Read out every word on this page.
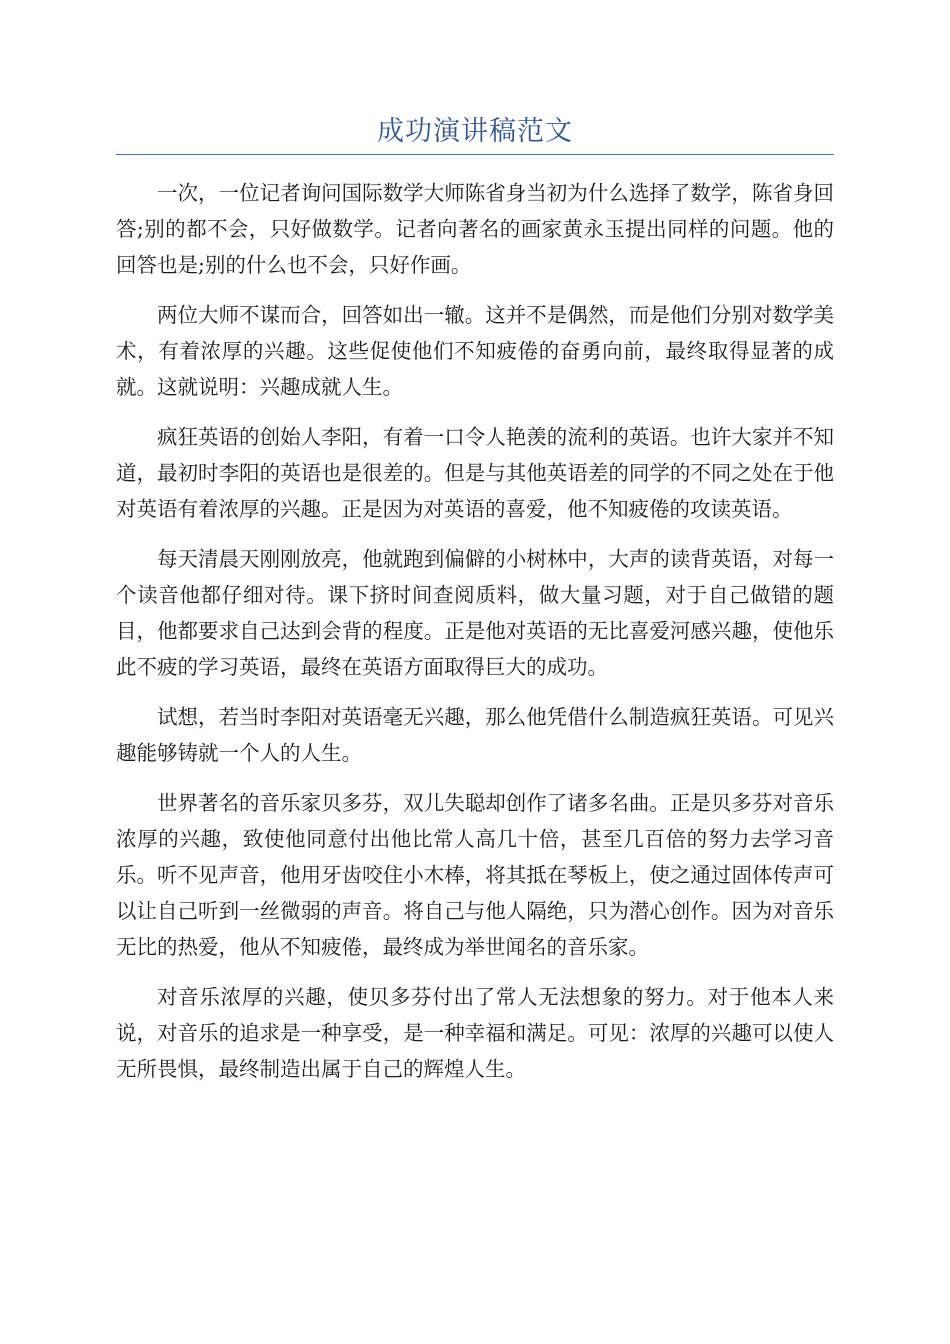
成功演讲稿范文

一次，一位记者询问国际数学大师陈省身当初为什么选择了数学，陈省身回答;别的都不会，只好做数学。记者向著名的画家黄永玉提出同样的问题。他的回答也是;别的什么也不会，只好作画。

两位大师不谋而合，回答如出一辙。这并不是偶然，而是他们分别对数学美术，有着浓厚的兴趣。这些促使他们不知疲倦的奋勇向前，最终取得显著的成就。这就说明：兴趣成就人生。

疯狂英语的创始人李阳，有着一口令人艳羡的流利的英语。也许大家并不知道，最初时李阳的英语也是很差的。但是与其他英语差的同学的不同之处在于他对英语有着浓厚的兴趣。正是因为对英语的喜爱，他不知疲倦的攻读英语。

每天清晨天刚刚放亮，他就跑到偏僻的小树林中，大声的读背英语，对每一个读音他都仔细对待。课下挤时间查阅质料，做大量习题，对于自己做错的题目，他都要求自己达到会背的程度。正是他对英语的无比喜爱河感兴趣，使他乐此不疲的学习英语，最终在英语方面取得巨大的成功。

试想，若当时李阳对英语毫无兴趣，那么他凭借什么制造疯狂英语。可见兴趣能够铸就一个人的人生。

世界著名的音乐家贝多芬，双儿失聪却创作了诸多名曲。正是贝多芬对音乐浓厚的兴趣，致使他同意付出他比常人高几十倍，甚至几百倍的努力去学习音乐。听不见声音，他用牙齿咬住小木棒，将其抵在琴板上，使之通过固体传声可以让自己听到一丝微弱的声音。将自己与他人隔绝，只为潜心创作。因为对音乐无比的热爱，他从不知疲倦，最终成为举世闻名的音乐家。

对音乐浓厚的兴趣，使贝多芬付出了常人无法想象的努力。对于他本人来说，对音乐的追求是一种享受，是一种幸福和满足。可见：浓厚的兴趣可以使人无所畏惧，最终制造出属于自己的辉煌人生。
